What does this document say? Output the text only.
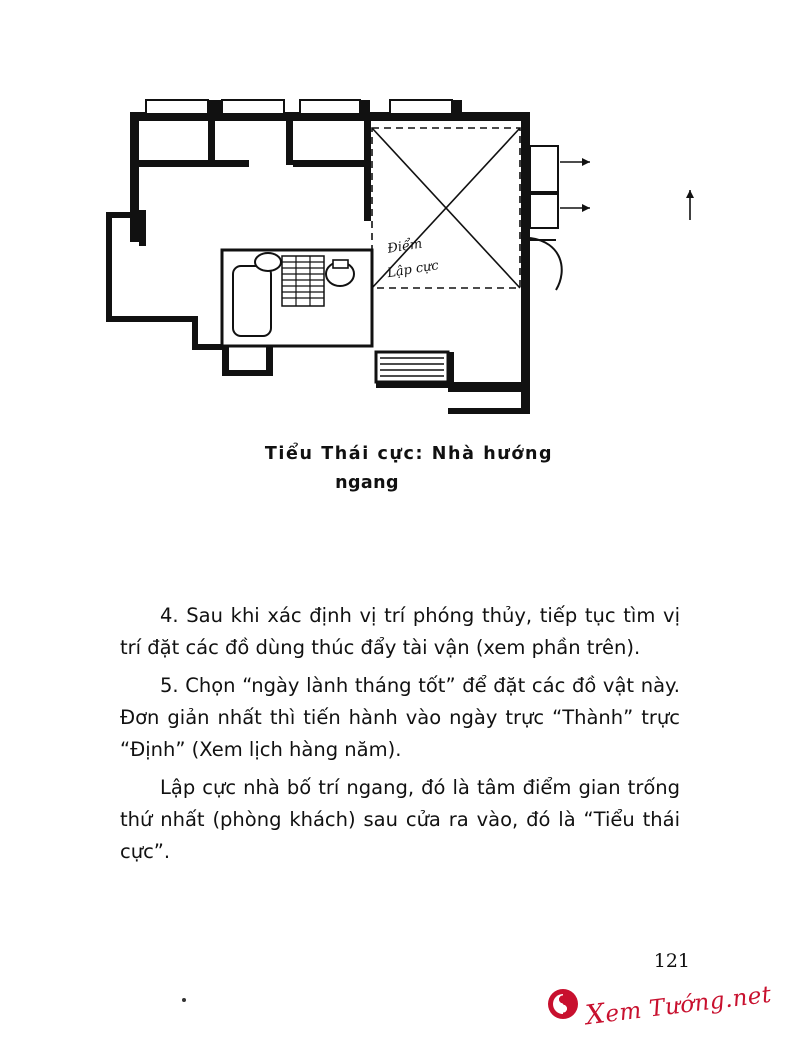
Điểm
Lập cực
Tiểu Thái cực: Nhà hướng
ngang

4. Sau khi xác định vị trí phóng thủy, tiếp tục tìm vị trí đặt các đồ dùng thúc đẩy tài vận (xem phần trên).

5. Chọn “ngày lành tháng tốt” để đặt các đồ vật này. Đơn giản nhất thì tiến hành vào ngày trực “Thành” trực “Định” (Xem lịch hàng năm).

Lập cực nhà bố trí ngang, đó là tâm điểm gian trống thứ nhất (phòng khách) sau cửa ra vào, đó là “Tiểu thái cực”.

121
Xem Tướng.net
